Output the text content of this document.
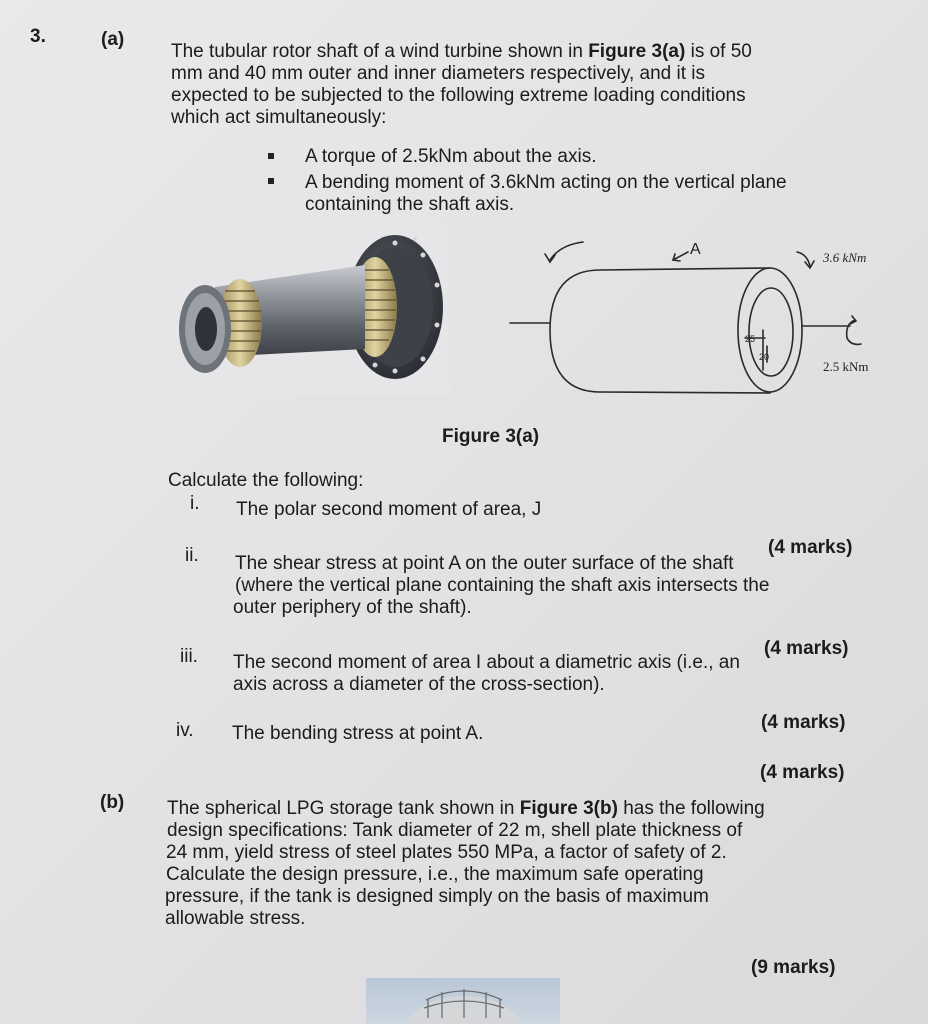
3.	(a)
The tubular rotor shaft of a wind turbine shown in Figure 3(a) is of 50
mm and 40 mm outer and inner diameters respectively, and it is
expected to be subjected to the following extreme loading conditions
which act simultaneously:
A torque of 2.5kNm about the axis.
A bending moment of 3.6kNm acting on the vertical plane
containing the shaft axis.
A	3.6 kNm
2.5 kNm
25
20
Figure 3(a)
Calculate the following:
i. The polar second moment of area, J
(4 marks)
ii. The shear stress at point A on the outer surface of the shaft
(where the vertical plane containing the shaft axis intersects the
outer periphery of the shaft).
(4 marks)
iii. The second moment of area I about a diametric axis (i.e., an
axis across a diameter of the cross-section).
(4 marks)
iv. The bending stress at point A.
(4 marks)
(b) The spherical LPG storage tank shown in Figure 3(b) has the following
design specifications: Tank diameter of 22 m, shell plate thickness of
24 mm, yield stress of steel plates 550 MPa, a factor of safety of 2.
Calculate the design pressure, i.e., the maximum safe operating
pressure, if the tank is designed simply on the basis of maximum
allowable stress.
(9 marks)
